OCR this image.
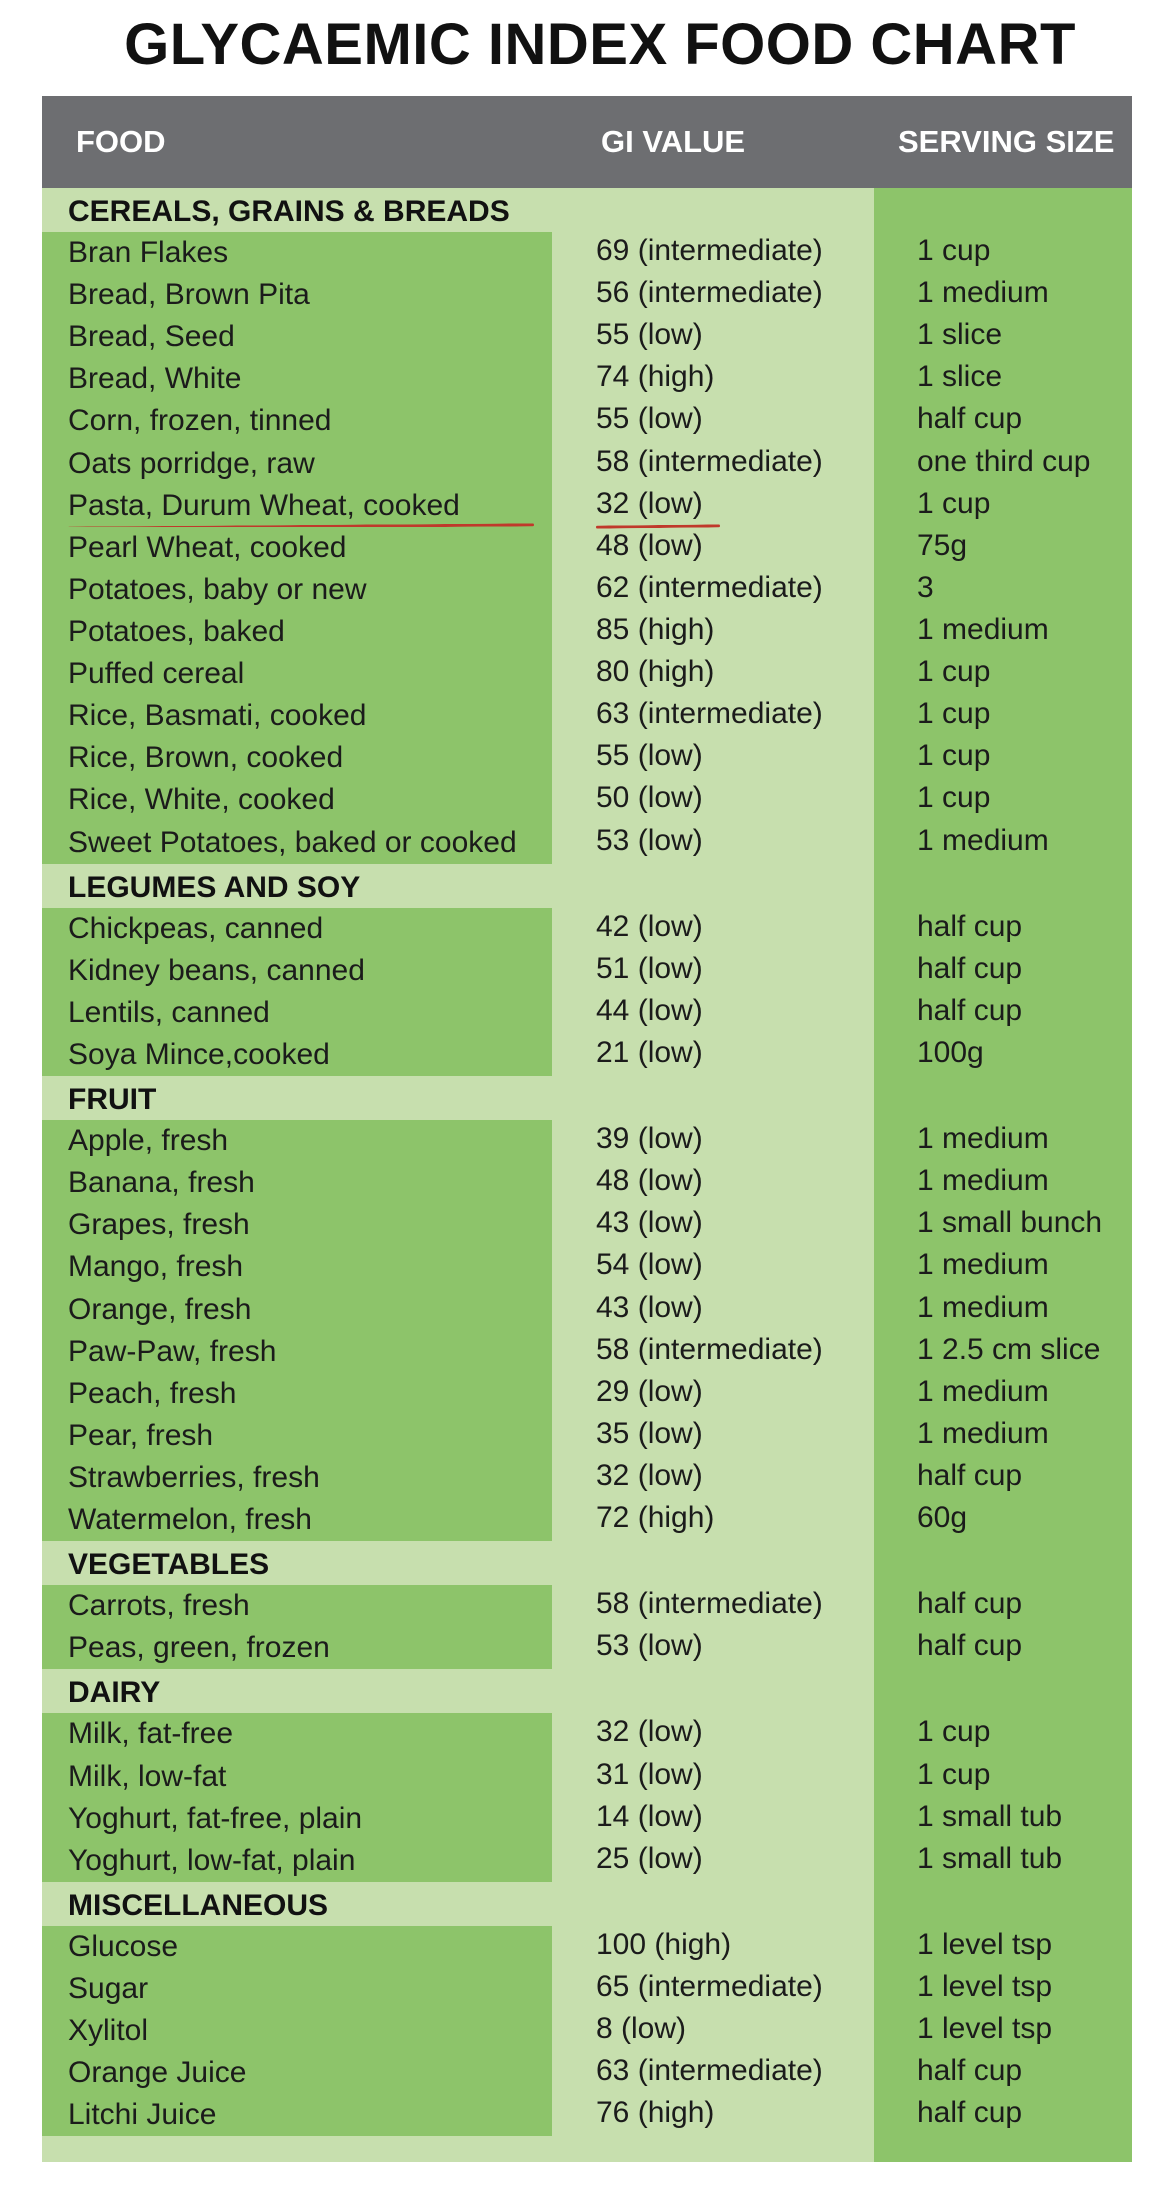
GLYCAEMIC INDEX FOOD CHART
FOOD	GI VALUE	SERVING SIZE
CEREALS, GRAINS & BREADS
Bran Flakes	69 (intermediate)	1 cup
Bread, Brown Pita	56 (intermediate)	1 medium
Bread, Seed	55 (low)	1 slice
Bread, White	74 (high)	1 slice
Corn, frozen, tinned	55 (low)	half cup
Oats porridge, raw	58 (intermediate)	one third cup
Pasta, Durum Wheat, cooked	32 (low)	1 cup
Pearl Wheat, cooked	48 (low)	75g
Potatoes, baby or new	62 (intermediate)	3
Potatoes, baked	85 (high)	1 medium
Puffed cereal	80 (high)	1 cup
Rice, Basmati, cooked	63 (intermediate)	1 cup
Rice, Brown, cooked	55 (low)	1 cup
Rice, White, cooked	50 (low)	1 cup
Sweet Potatoes, baked or cooked	53 (low)	1 medium
LEGUMES AND SOY
Chickpeas, canned	42 (low)	half cup
Kidney beans, canned	51 (low)	half cup
Lentils, canned	44 (low)	half cup
Soya Mince,cooked	21 (low)	100g
FRUIT
Apple, fresh	39 (low)	1 medium
Banana, fresh	48 (low)	1 medium
Grapes, fresh	43 (low)	1 small bunch
Mango, fresh	54 (low)	1 medium
Orange, fresh	43 (low)	1 medium
Paw-Paw, fresh	58 (intermediate)	1 2.5 cm slice
Peach, fresh	29 (low)	1 medium
Pear, fresh	35 (low)	1 medium
Strawberries, fresh	32 (low)	half cup
Watermelon, fresh	72 (high)	60g
VEGETABLES
Carrots, fresh	58 (intermediate)	half cup
Peas, green, frozen	53 (low)	half cup
DAIRY
Milk, fat-free	32 (low)	1 cup
Milk, low-fat	31 (low)	1 cup
Yoghurt, fat-free, plain	14 (low)	1 small tub
Yoghurt, low-fat, plain	25 (low)	1 small tub
MISCELLANEOUS
Glucose	100 (high)	1 level tsp
Sugar	65 (intermediate)	1 level tsp
Xylitol	8 (low)	1 level tsp
Orange Juice	63 (intermediate)	half cup
Litchi Juice	76 (high)	half cup
